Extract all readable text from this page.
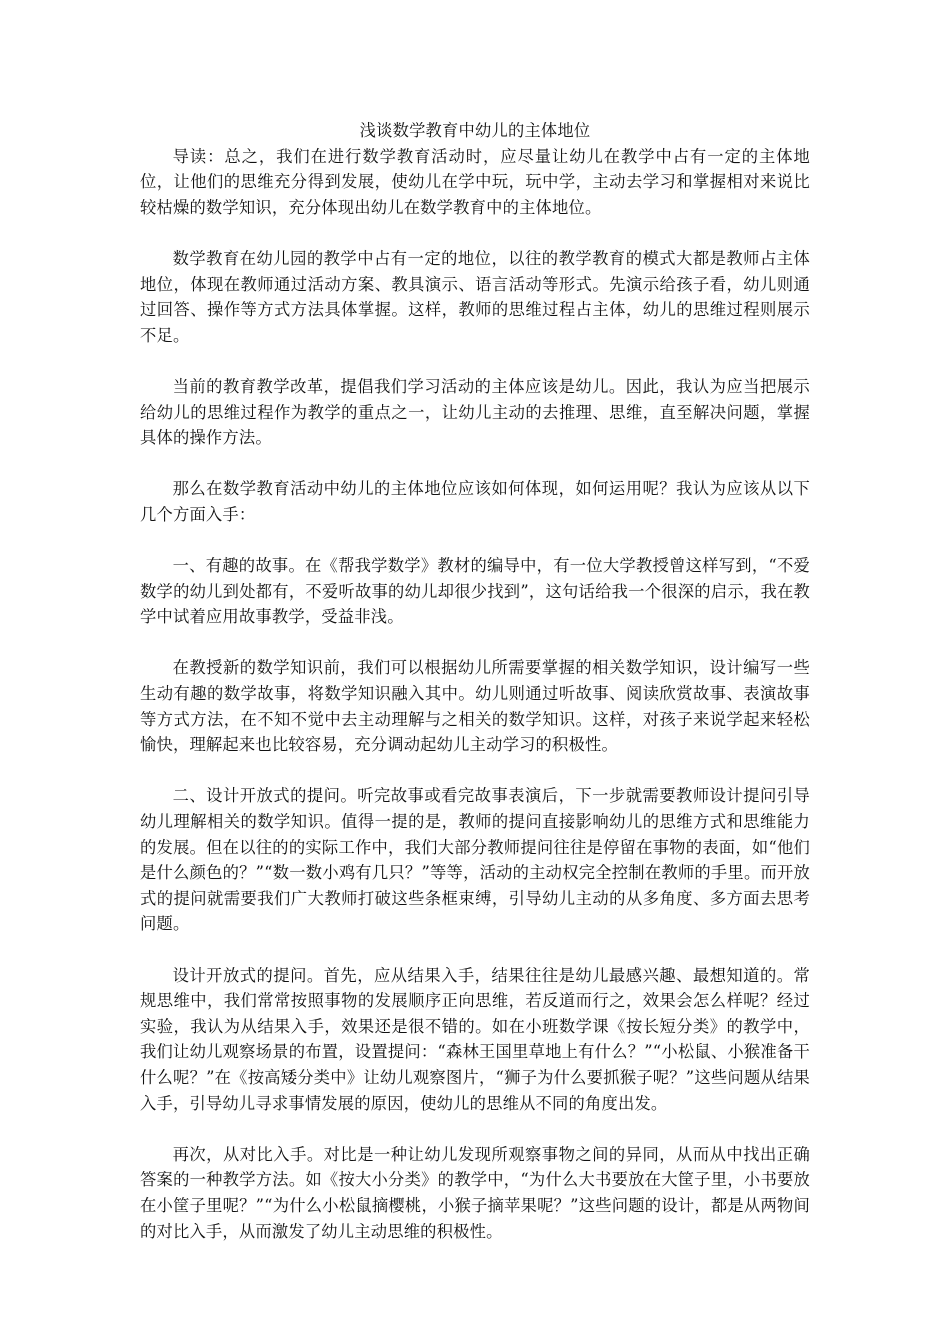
浅谈数学教育中幼儿的主体地位

导读：总之，我们在进行数学教育活动时，应尽量让幼儿在教学中占有一定的主体地位，让他们的思维充分得到发展，使幼儿在学中玩，玩中学，主动去学习和掌握相对来说比较枯燥的数学知识，充分体现出幼儿在数学教育中的主体地位。

数学教育在幼儿园的教学中占有一定的地位，以往的教学教育的模式大都是教师占主体地位，体现在教师通过活动方案、教具演示、语言活动等形式。先演示给孩子看，幼儿则通过回答、操作等方式方法具体掌握。这样，教师的思维过程占主体，幼儿的思维过程则展示不足。

当前的教育教学改革，提倡我们学习活动的主体应该是幼儿。因此，我认为应当把展示给幼儿的思维过程作为教学的重点之一，让幼儿主动的去推理、思维，直至解决问题，掌握具体的操作方法。

那么在数学教育活动中幼儿的主体地位应该如何体现，如何运用呢？我认为应该从以下几个方面入手：

一、有趣的故事。在《帮我学数学》教材的编导中，有一位大学教授曾这样写到，“不爱数学的幼儿到处都有，不爱听故事的幼儿却很少找到”，这句话给我一个很深的启示，我在教学中试着应用故事教学，受益非浅。

在教授新的数学知识前，我们可以根据幼儿所需要掌握的相关数学知识，设计编写一些生动有趣的数学故事，将数学知识融入其中。幼儿则通过听故事、阅读欣赏故事、表演故事等方式方法，在不知不觉中去主动理解与之相关的数学知识。这样，对孩子来说学起来轻松愉快，理解起来也比较容易，充分调动起幼儿主动学习的积极性。

二、设计开放式的提问。听完故事或看完故事表演后，下一步就需要教师设计提问引导幼儿理解相关的数学知识。值得一提的是，教师的提问直接影响幼儿的思维方式和思维能力的发展。但在以往的的实际工作中，我们大部分教师提问往往是停留在事物的表面，如“他们是什么颜色的？”“数一数小鸡有几只？”等等，活动的主动权完全控制在教师的手里。而开放式的提问就需要我们广大教师打破这些条框束缚，引导幼儿主动的从多角度、多方面去思考问题。

设计开放式的提问。首先，应从结果入手，结果往往是幼儿最感兴趣、最想知道的。常规思维中，我们常常按照事物的发展顺序正向思维，若反道而行之，效果会怎么样呢？经过实验，我认为从结果入手，效果还是很不错的。如在小班数学课《按长短分类》的教学中，我们让幼儿观察场景的布置，设置提问：“森林王国里草地上有什么？”“小松鼠、小猴准备干什么呢？”在《按高矮分类中》让幼儿观察图片，“狮子为什么要抓猴子呢？”这些问题从结果入手，引导幼儿寻求事情发展的原因，使幼儿的思维从不同的角度出发。

再次，从对比入手。对比是一种让幼儿发现所观察事物之间的异同，从而从中找出正确答案的一种教学方法。如《按大小分类》的教学中，“为什么大书要放在大筐子里，小书要放在小筐子里呢？”“为什么小松鼠摘樱桃，小猴子摘苹果呢？”这些问题的设计，都是从两物间的对比入手，从而激发了幼儿主动思维的积极性。
